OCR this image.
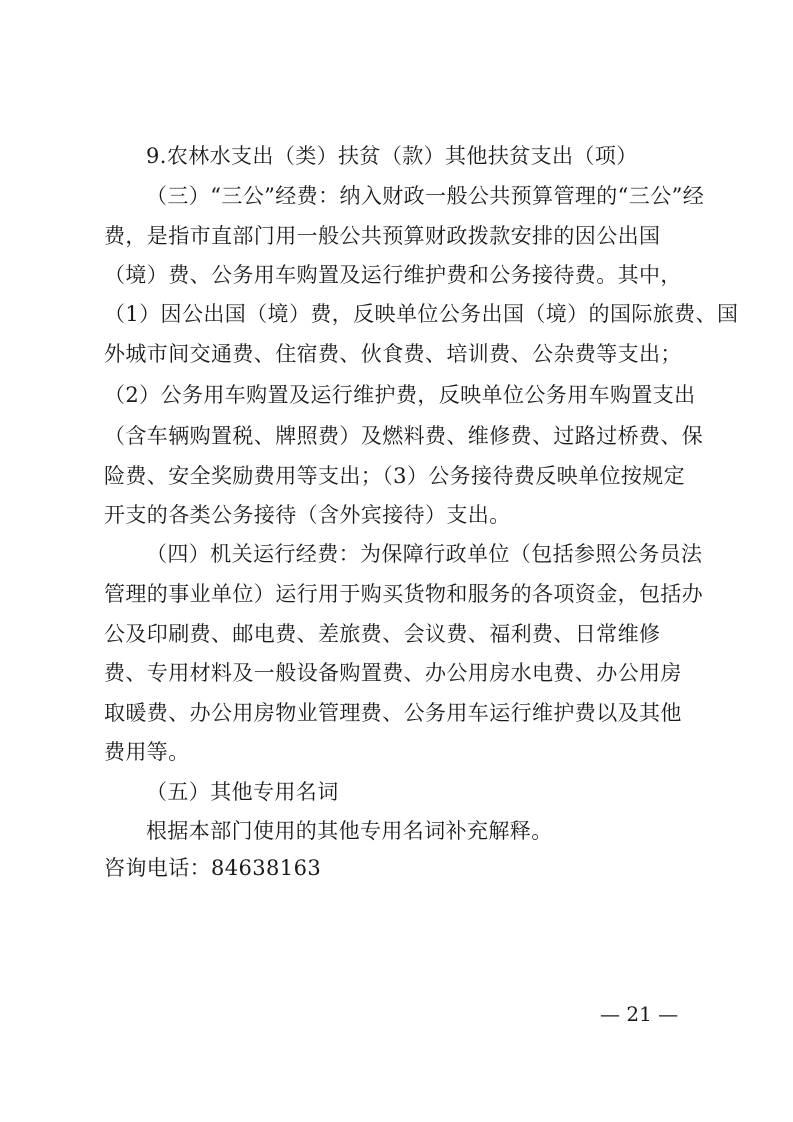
9.农林水支出（类）扶贫（款）其他扶贫支出（项）
（三）“三公”经费：纳入财政一般公共预算管理的“三公”经
费，是指市直部门用一般公共预算财政拨款安排的因公出国
（境）费、公务用车购置及运行维护费和公务接待费。其中，
（1）因公出国（境）费，反映单位公务出国（境）的国际旅费、国
外城市间交通费、住宿费、伙食费、培训费、公杂费等支出；
（2）公务用车购置及运行维护费，反映单位公务用车购置支出
（含车辆购置税、牌照费）及燃料费、维修费、过路过桥费、保
险费、安全奖励费用等支出；（3）公务接待费反映单位按规定
开支的各类公务接待（含外宾接待）支出。
（四）机关运行经费：为保障行政单位（包括参照公务员法
管理的事业单位）运行用于购买货物和服务的各项资金，包括办
公及印刷费、邮电费、差旅费、会议费、福利费、日常维修
费、专用材料及一般设备购置费、办公用房水电费、办公用房
取暖费、办公用房物业管理费、公务用车运行维护费以及其他
费用等。
（五）其他专用名词
根据本部门使用的其他专用名词补充解释。
咨询电话：84638163
— 21 —
